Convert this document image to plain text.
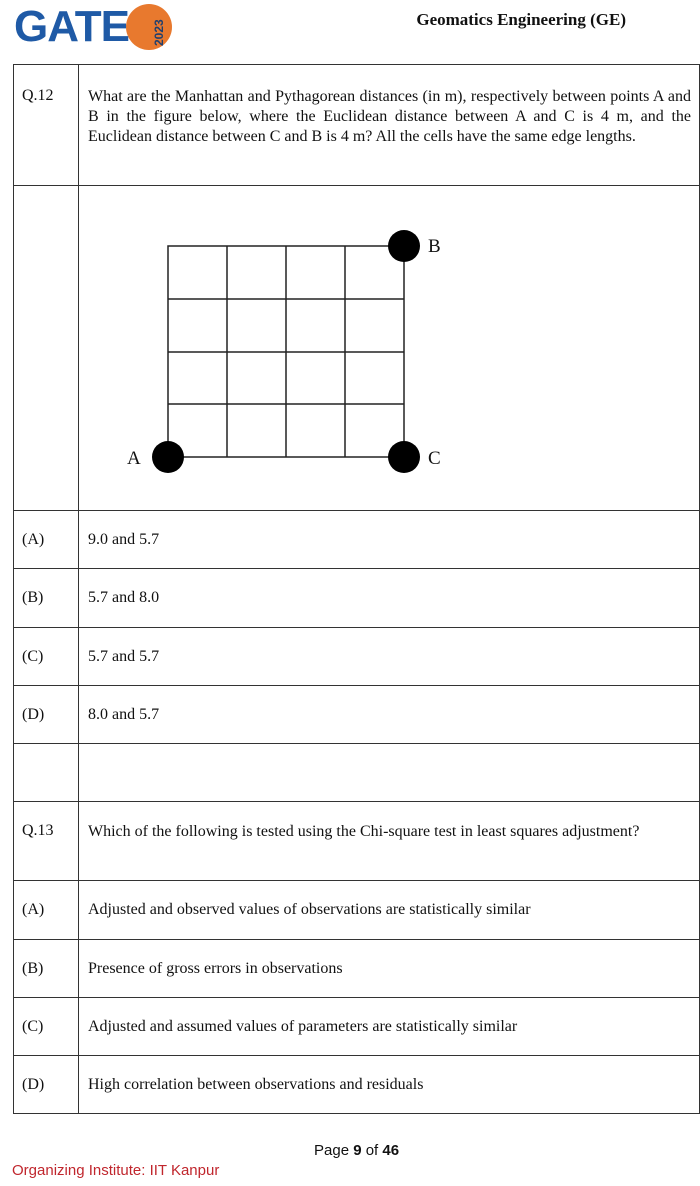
GATE 2023	Geomatics Engineering (GE)
Q.12	What are the Manhattan and Pythagorean distances (in m), respectively between points A and B in the figure below, where the Euclidean distance between A and C is 4 m, and the Euclidean distance between C and B is 4 m? All the cells have the same edge lengths.

	A
B
C

(A)	9.0 and 5.7
(B)	5.7 and 8.0
(C)	5.7 and 5.7
(D)	8.0 and 5.7

Q.13	Which of the following is tested using the Chi-square test in least squares adjustment?
(A)	Adjusted and observed values of observations are statistically similar
(B)	Presence of gross errors in observations
(C)	Adjusted and assumed values of parameters are statistically similar
(D)	High correlation between observations and residuals
Page 9 of 46
Organizing Institute: IIT Kanpur
